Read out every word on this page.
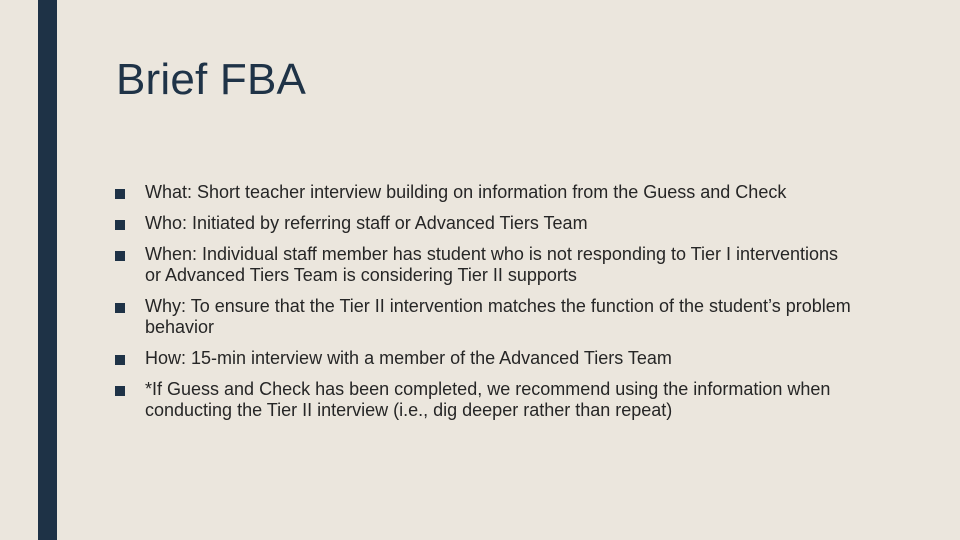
Brief FBA
What: Short teacher interview building on information from the Guess and Check
Who: Initiated by referring staff or Advanced Tiers Team
When: Individual staff member has student who is not responding to Tier I interventions or Advanced Tiers Team is considering Tier II supports
Why: To ensure that the Tier II intervention matches the function of the student’s problem behavior
How: 15-min interview with a member of the Advanced Tiers Team
*If Guess and Check has been completed, we recommend using the information when conducting the Tier II interview (i.e., dig deeper rather than repeat)
